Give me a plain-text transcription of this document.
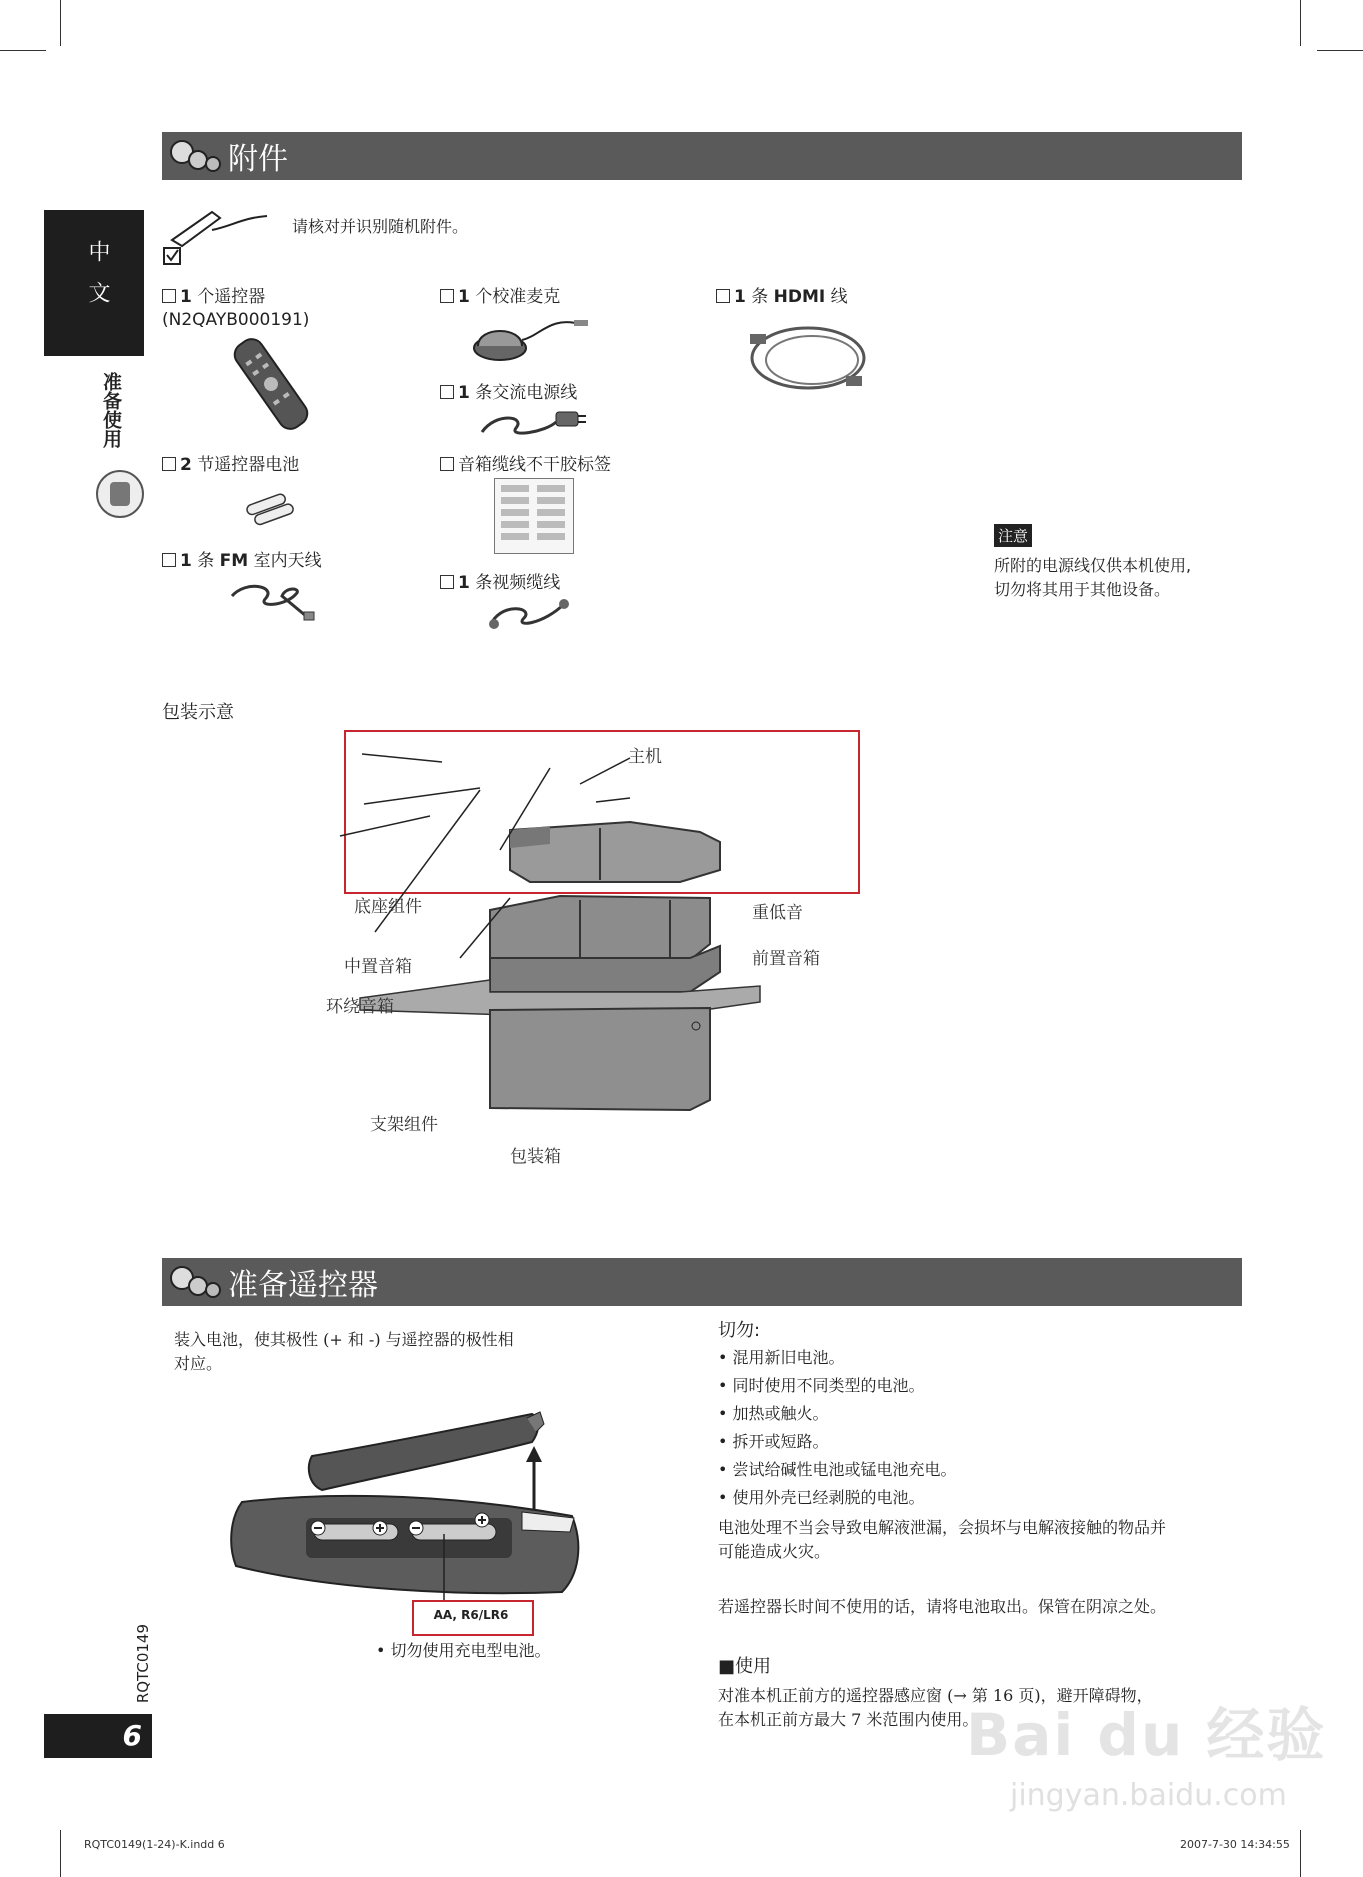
中 文
准备使用
附件
请核对并识别随机附件。
1 个遥控器
(N2QAYB000191)
2 节遥控器电池
1 条 FM 室内天线
1 个校准麦克
1 条交流电源线
音箱缆线不干胶标签
1 条视频缆线
1 条 HDMI 线
注意
所附的电源线仅供本机使用,
切勿将其用于其他设备。
包装示意
主机
底座组件	重低音
中置音箱	前置音箱
环绕音箱
支架组件
包装箱
准备遥控器
装入电池，使其极性 (+ 和 -) 与遥控器的极性相
对应。
AA, R6/LR6
• 切勿使用充电型电池。
切勿:
• 混用新旧电池。
• 同时使用不同类型的电池。
• 加热或触火。
• 拆开或短路。
• 尝试给碱性电池或锰电池充电。
• 使用外壳已经剥脱的电池。
电池处理不当会导致电解液泄漏，会损坏与电解液接触的物品并
可能造成火灾。
若遥控器长时间不使用的话，请将电池取出。保管在阴凉之处。
■使用
对准本机正前方的遥控器感应窗 (→ 第 16 页)，避开障碍物，
在本机正前方最大 7 米范围内使用。
RQTC0149
6	Bai du 经验
jingyan.baidu.com
RQTC0149(1-24)-K.indd 6	2007-7-30 14:34:55
